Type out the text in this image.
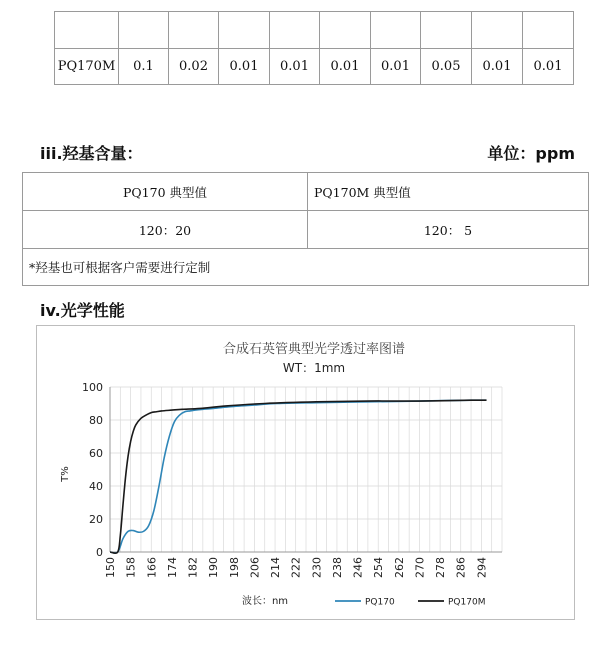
PQ170M	0.1	0.02	0.01	0.01	0.01	0.01	0.05	0.01	0.01
iii.羟基含量：	单位：ppm
PQ170 典型值	PQ170M 典型值
120：20	120： 5
*羟基也可根据客户需要进行定制	
iv.光学性能
合成石英管典型光学透过率图谱
WT：1mm
T%
波长：nm
0
20
40
60
80
100
150 158 166 174 182 190 198 206 214 222 230 238 246 254 262 270 278 286 294
PQ170	PQ170M
